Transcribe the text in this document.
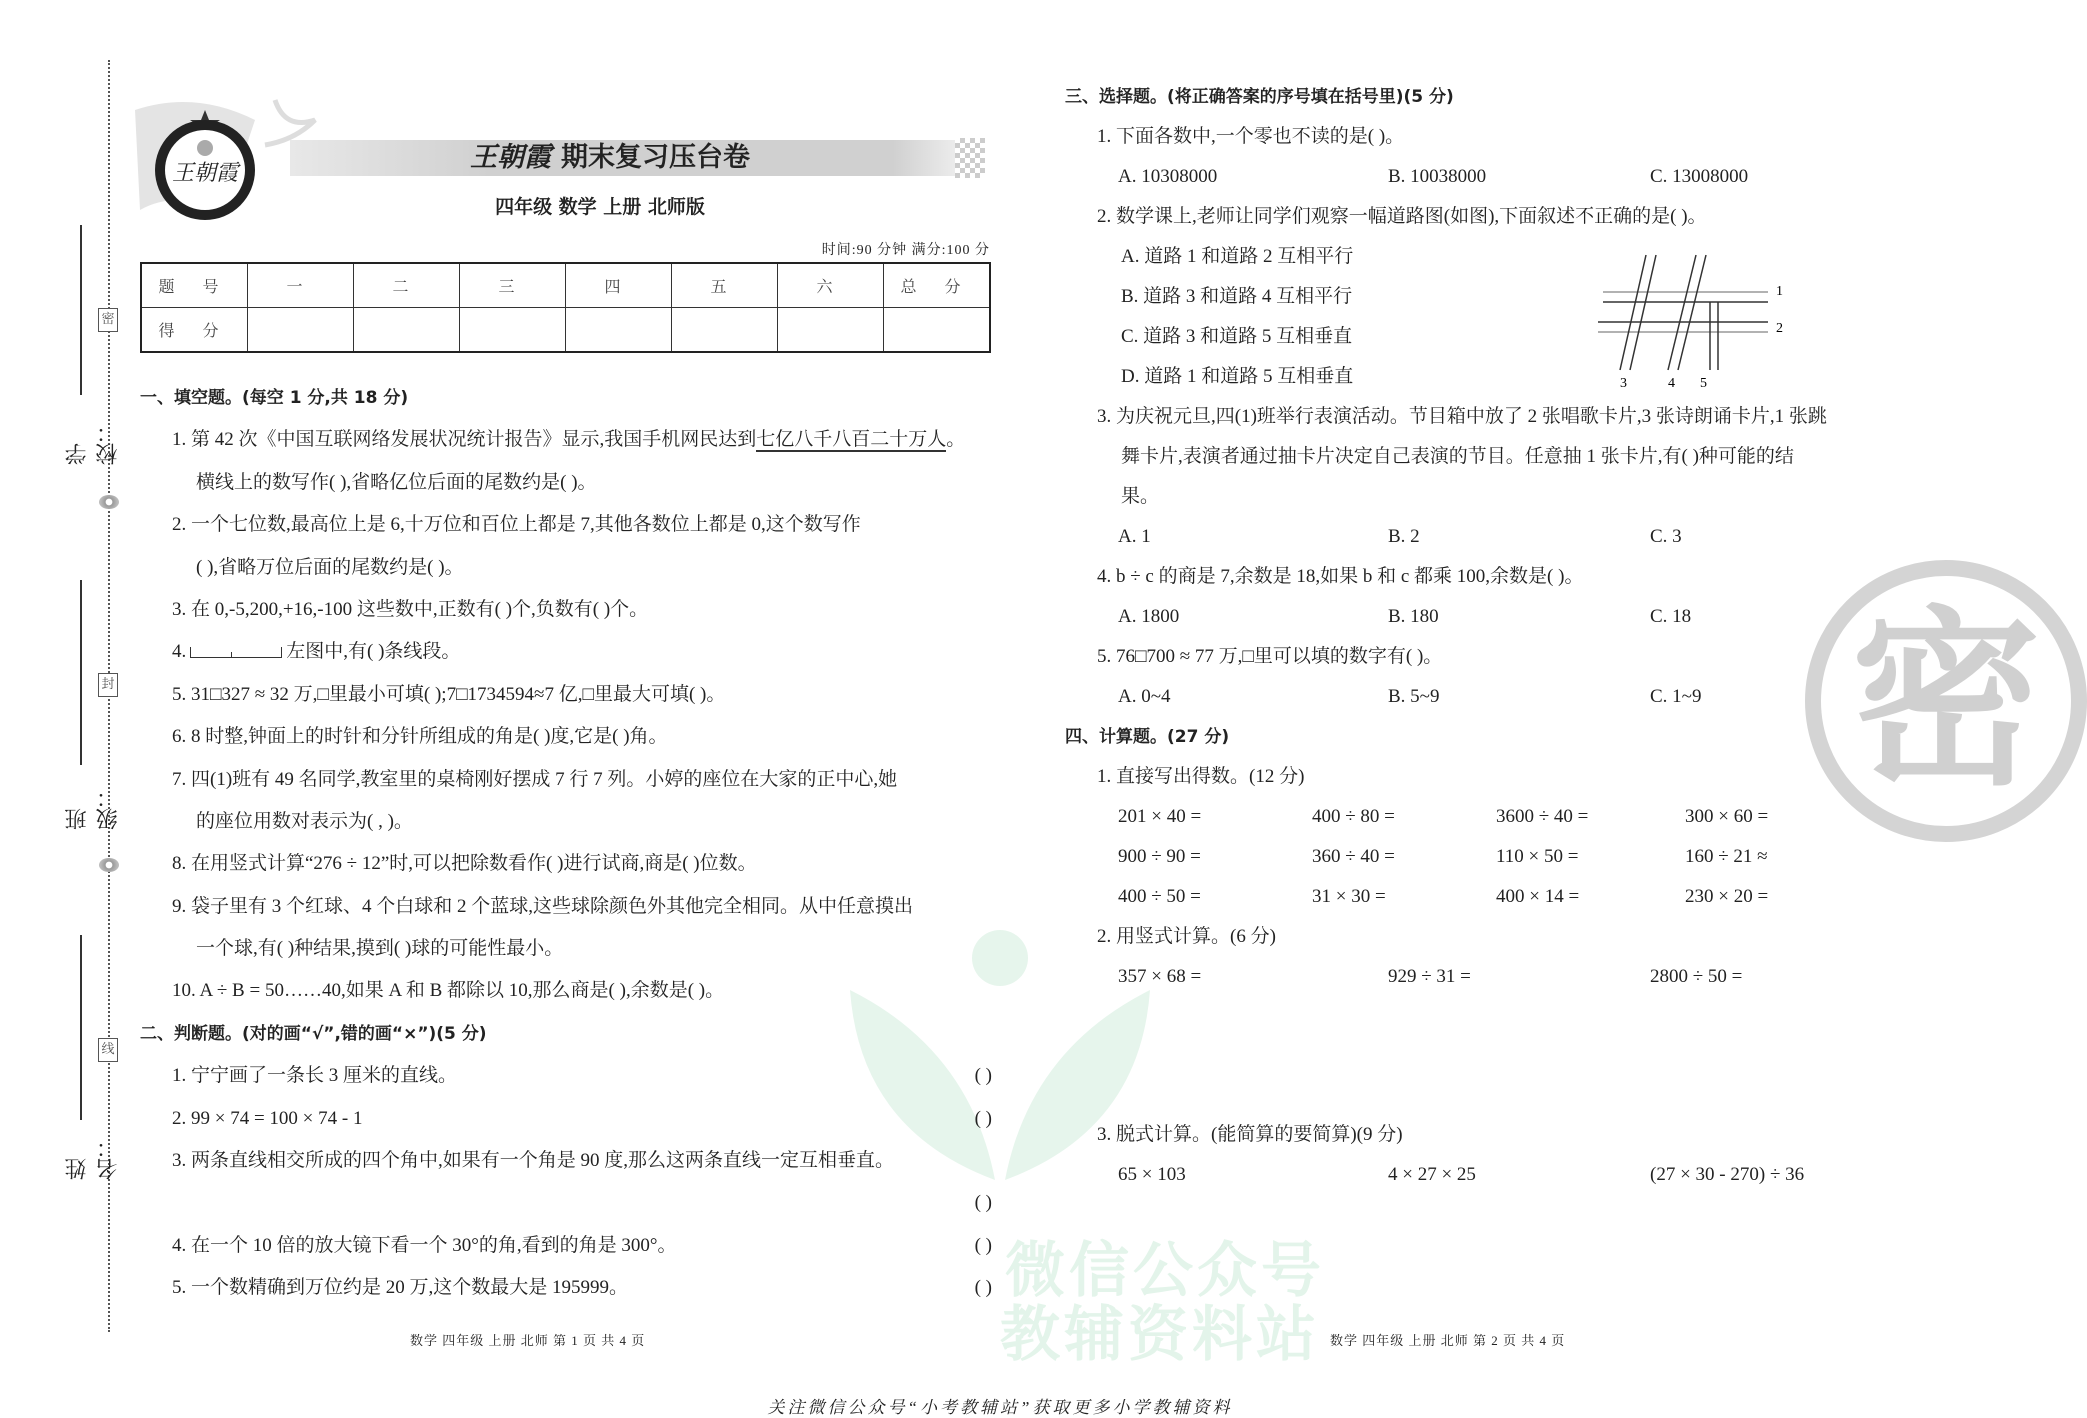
微信公众号
教辅资料站
密
学校：
班级：
姓名：
密
封
线
王朝霞
王朝霞 期末复习压台卷
四年级 数学 上册 北师版
时间:90 分钟 满分:100 分
题 号	一	二	三	四	五	六	总 分
得 分							
一、填空题。(每空 1 分,共 18 分)
1. 第 42 次《中国互联网络发展状况统计报告》显示,我国手机网民达到七亿八千八百二十万人。
横线上的数写作( ),省略亿位后面的尾数约是( )。
2. 一个七位数,最高位上是 6,十万位和百位上都是 7,其他各数位上都是 0,这个数写作
( ),省略万位后面的尾数约是( )。
3. 在 0,-5,200,+16,-100 这些数中,正数有( )个,负数有( )个。
4.	左图中,有( )条线段。
5. 31□327 ≈ 32 万,□里最小可填( );7□1734594≈7 亿,□里最大可填( )。
6. 8 时整,钟面上的时针和分针所组成的角是( )度,它是( )角。
7. 四(1)班有 49 名同学,教室里的桌椅刚好摆成 7 行 7 列。小婷的座位在大家的正中心,她
的座位用数对表示为( , )。
8. 在用竖式计算“276 ÷ 12”时,可以把除数看作( )进行试商,商是( )位数。
9. 袋子里有 3 个红球、4 个白球和 2 个蓝球,这些球除颜色外其他完全相同。从中任意摸出
一个球,有( )种结果,摸到( )球的可能性最小。
10. A ÷ B = 50……40,如果 A 和 B 都除以 10,那么商是( ),余数是( )。
二、判断题。(对的画“√”,错的画“×”)(5 分)
1. 宁宁画了一条长 3 厘米的直线。	( )
2. 99 × 74 = 100 × 74 - 1	( )
3. 两条直线相交所成的四个角中,如果有一个角是 90 度,那么这两条直线一定互相垂直。
( )
4. 在一个 10 倍的放大镜下看一个 30°的角,看到的角是 300°。	( )
5. 一个数精确到万位约是 20 万,这个数最大是 195999。	( )
三、选择题。(将正确答案的序号填在括号里)(5 分)
1. 下面各数中,一个零也不读的是( )。
A. 10308000	B. 10038000	C. 13008000
2. 数学课上,老师让同学们观察一幅道路图(如图),下面叙述不正确的是( )。
A. 道路 1 和道路 2 互相平行
B. 道路 3 和道路 4 互相平行
C. 道路 3 和道路 5 互相垂直
D. 道路 1 和道路 5 互相垂直
3. 为庆祝元旦,四(1)班举行表演活动。节目箱中放了 2 张唱歌卡片,3 张诗朗诵卡片,1 张跳
舞卡片,表演者通过抽卡片决定自己表演的节目。任意抽 1 张卡片,有( )种可能的结
果。
A. 1	B. 2	C. 3
4. b ÷ c 的商是 7,余数是 18,如果 b 和 c 都乘 100,余数是( )。
A. 1800	B. 180	C. 18
5. 76□700 ≈ 77 万,□里可以填的数字有( )。
A. 0~4	B. 5~9	C. 1~9
四、计算题。(27 分)
1. 直接写出得数。(12 分)
201 × 40 =	400 ÷ 80 =	3600 ÷ 40 =	300 × 60 =
900 ÷ 90 =	360 ÷ 40 =	110 × 50 =	160 ÷ 21 ≈
400 ÷ 50 =	31 × 30 =	400 × 14 =	230 × 20 =
2. 用竖式计算。(6 分)
357 × 68 =	929 ÷ 31 =	2800 ÷ 50 =
3. 脱式计算。(能简算的要简算)(9 分)
65 × 103	4 × 27 × 25	(27 × 30 - 270) ÷ 36
1
2
3	4 5
数学 四年级 上册 北师 第 1 页 共 4 页	数学 四年级 上册 北师 第 2 页 共 4 页
关注微信公众号“小考教辅站”获取更多小学教辅资料
